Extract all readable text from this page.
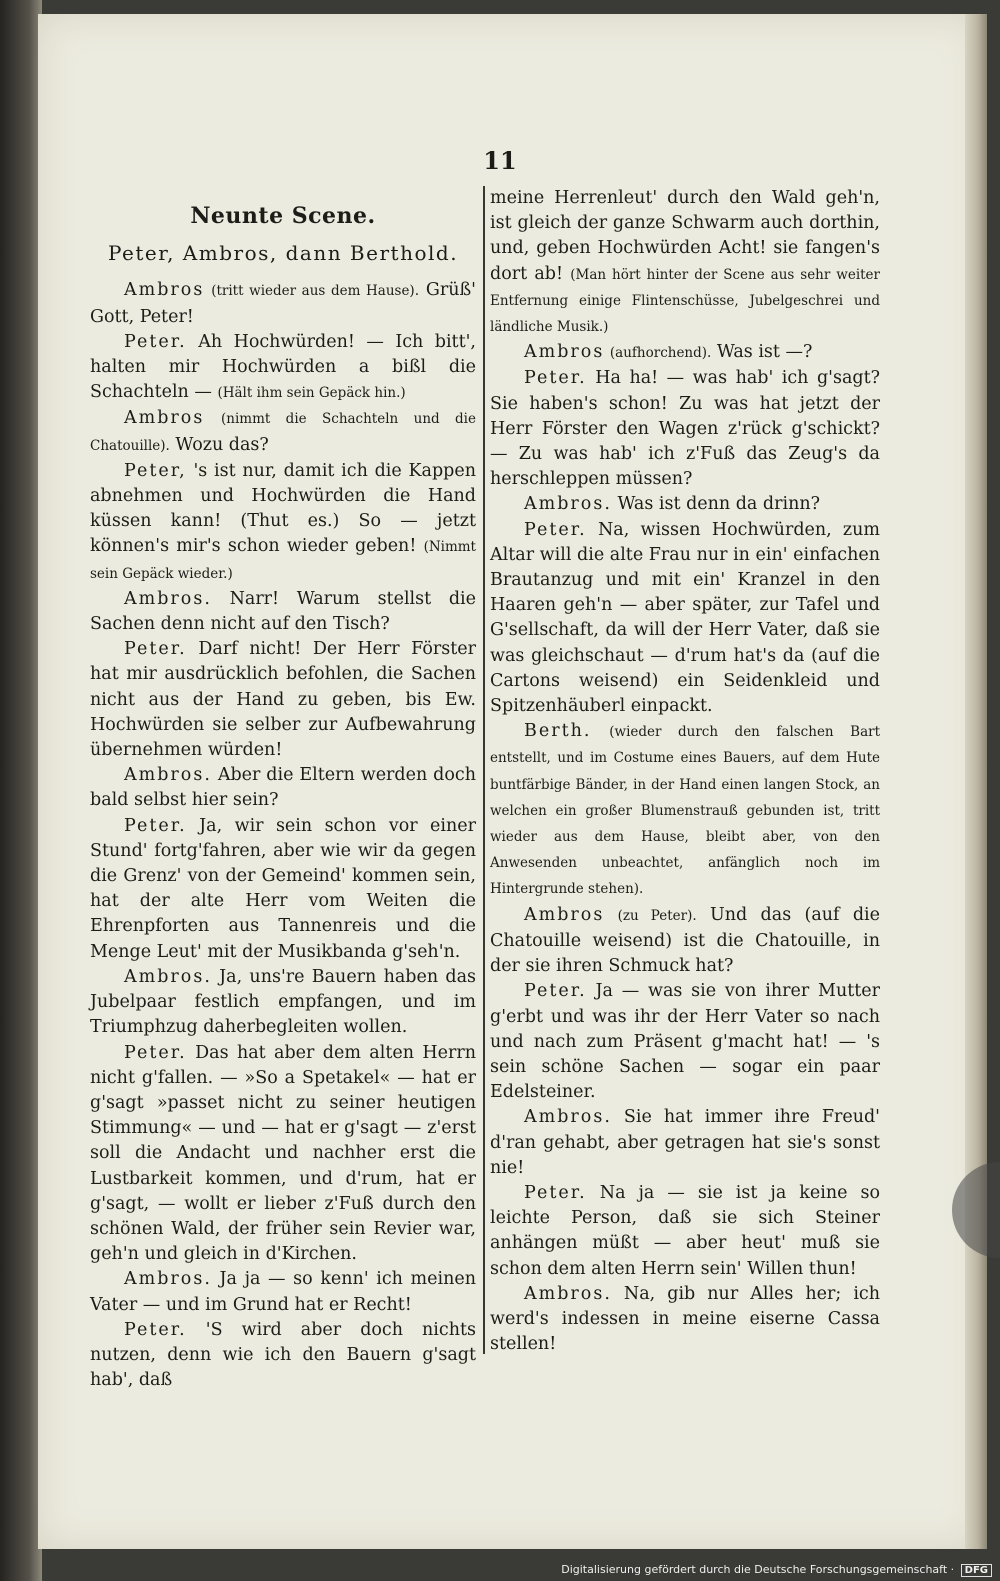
11
Neunte Scene.
Peter, Ambros, dann Berthold.

Ambros (tritt wieder aus dem Hause). Grüß' Gott, Peter!

Peter. Ah Hochwürden! — Ich bitt', halten mir Hochwürden a bißl die Schachteln — (Hält ihm sein Gepäck hin.)

Ambros (nimmt die Schachteln und die Chatouille). Wozu das?

Peter, 's ist nur, damit ich die Kappen abnehmen und Hochwürden die Hand küssen kann! (Thut es.) So — jetzt können's mir's schon wieder geben! (Nimmt sein Gepäck wieder.)

Ambros. Narr! Warum stellst die Sachen denn nicht auf den Tisch?

Peter. Darf nicht! Der Herr Förster hat mir ausdrücklich befohlen, die Sachen nicht aus der Hand zu geben, bis Ew. Hochwürden sie selber zur Aufbewahrung übernehmen würden!

Ambros. Aber die Eltern werden doch bald selbst hier sein?

Peter. Ja, wir sein schon vor einer Stund' fortg'fahren, aber wie wir da gegen die Grenz' von der Gemeind' kommen sein, hat der alte Herr vom Weiten die Ehrenpforten aus Tannenreis und die Menge Leut' mit der Musikbanda g'seh'n.

Ambros. Ja, uns're Bauern haben das Jubelpaar festlich empfangen, und im Triumphzug daherbegleiten wollen.

Peter. Das hat aber dem alten Herrn nicht g'fallen. — »So a Spetakel« — hat er g'sagt »passet nicht zu seiner heutigen Stimmung« — und — hat er g'sagt — z'erst soll die Andacht und nachher erst die Lustbarkeit kommen, und d'rum, hat er g'sagt, — wollt er lieber z'Fuß durch den schönen Wald, der früher sein Revier war, geh'n und gleich in d'Kirchen.

Ambros. Ja ja — so kenn' ich meinen Vater — und im Grund hat er Recht!

Peter. 'S wird aber doch nichts nutzen, denn wie ich den Bauern g'sagt hab', daß

meine Herrenleut' durch den Wald geh'n, ist gleich der ganze Schwarm auch dorthin, und, geben Hochwürden Acht! sie fangen's dort ab! (Man hört hinter der Scene aus sehr weiter Entfernung einige Flintenschüsse, Jubelgeschrei und ländliche Musik.)

Ambros (aufhorchend). Was ist —?

Peter. Ha ha! — was hab' ich g'sagt? Sie haben's schon! Zu was hat jetzt der Herr Förster den Wagen z'rück g'schickt? — Zu was hab' ich z'Fuß das Zeug's da herschleppen müssen?

Ambros. Was ist denn da drinn?

Peter. Na, wissen Hochwürden, zum Altar will die alte Frau nur in ein' einfachen Brautanzug und mit ein' Kranzel in den Haaren geh'n — aber später, zur Tafel und G'sellschaft, da will der Herr Vater, daß sie was gleichschaut — d'rum hat's da (auf die Cartons weisend) ein Seidenkleid und Spitzenhäuberl einpackt.

Berth. (wieder durch den falschen Bart entstellt, und im Costume eines Bauers, auf dem Hute buntfärbige Bänder, in der Hand einen langen Stock, an welchen ein großer Blumenstrauß gebunden ist, tritt wieder aus dem Hause, bleibt aber, von den Anwesenden unbeachtet, anfänglich noch im Hintergrunde stehen).

Ambros (zu Peter). Und das (auf die Chatouille weisend) ist die Chatouille, in der sie ihren Schmuck hat?

Peter. Ja — was sie von ihrer Mutter g'erbt und was ihr der Herr Vater so nach und nach zum Präsent g'macht hat! — 's sein schöne Sachen — sogar ein paar Edelsteiner.

Ambros. Sie hat immer ihre Freud' d'ran gehabt, aber getragen hat sie's sonst nie!

Peter. Na ja — sie ist ja keine so leichte Person, daß sie sich Steiner anhängen müßt — aber heut' muß sie schon dem alten Herrn sein' Willen thun!

Ambros. Na, gib nur Alles her; ich werd's indessen in meine eiserne Cassa stellen!

Digitalisierung gefördert durch die Deutsche Forschungsgemeinschaft · DFG
